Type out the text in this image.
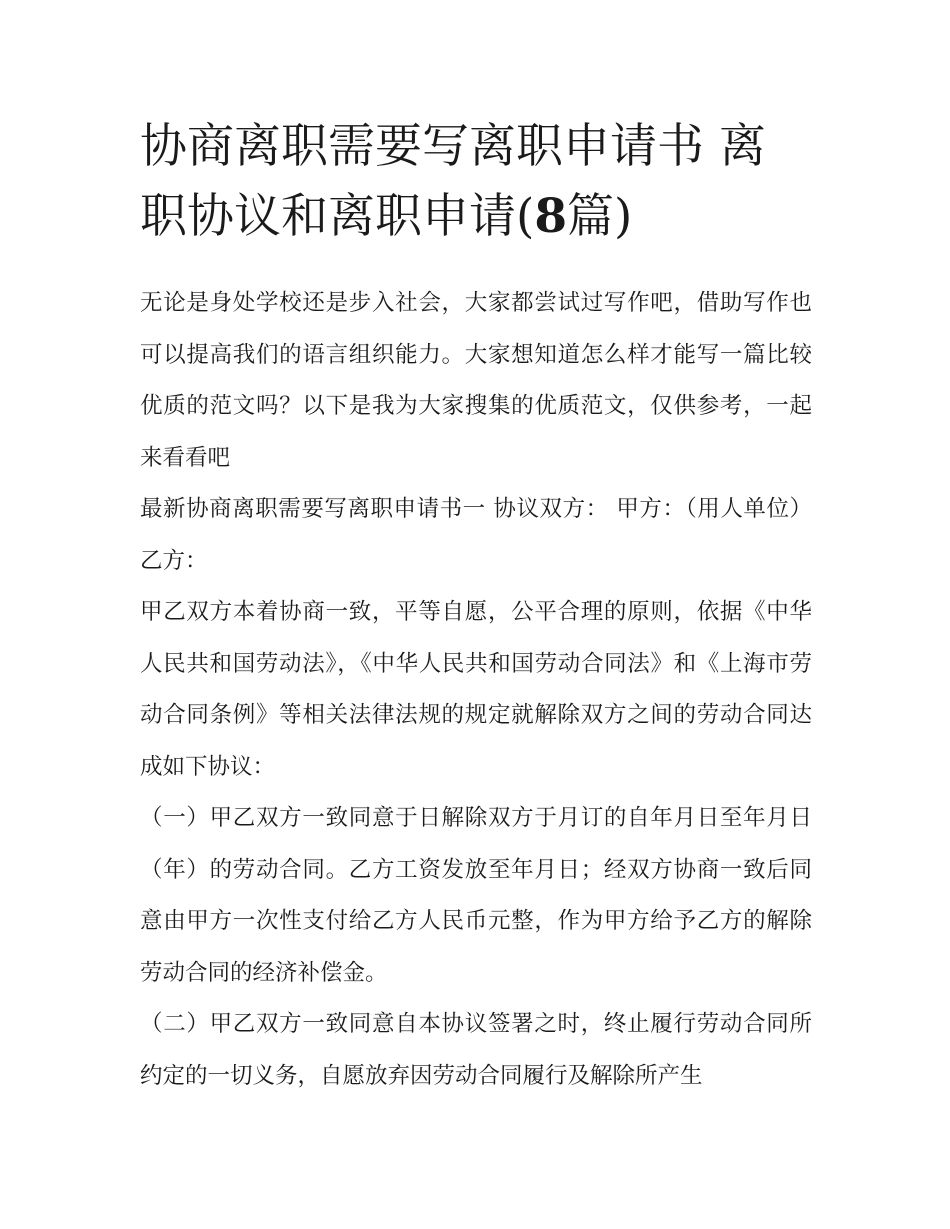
协商离职需要写离职申请书 离职协议和离职申请(8篇)

无论是身处学校还是步入社会，大家都尝试过写作吧，借助写作也可以提高我们的语言组织能力。大家想知道怎么样才能写一篇比较优质的范文吗？以下是我为大家搜集的优质范文，仅供参考，一起来看看吧

最新协商离职需要写离职申请书一 协议双方： 甲方：（用人单位） 乙方：

甲乙双方本着协商一致，平等自愿，公平合理的原则，依据《中华人民共和国劳动法》，《中华人民共和国劳动合同法》和《上海市劳动合同条例》等相关法律法规的规定就解除双方之间的劳动合同达成如下协议：

（一）甲乙双方一致同意于日解除双方于月订的自年月日至年月日（年）的劳动合同。乙方工资发放至年月日；经双方协商一致后同意由甲方一次性支付给乙方人民币元整，作为甲方给予乙方的解除劳动合同的经济补偿金。

（二）甲乙双方一致同意自本协议签署之时，终止履行劳动合同所约定的一切义务，自愿放弃因劳动合同履行及解除所产生
